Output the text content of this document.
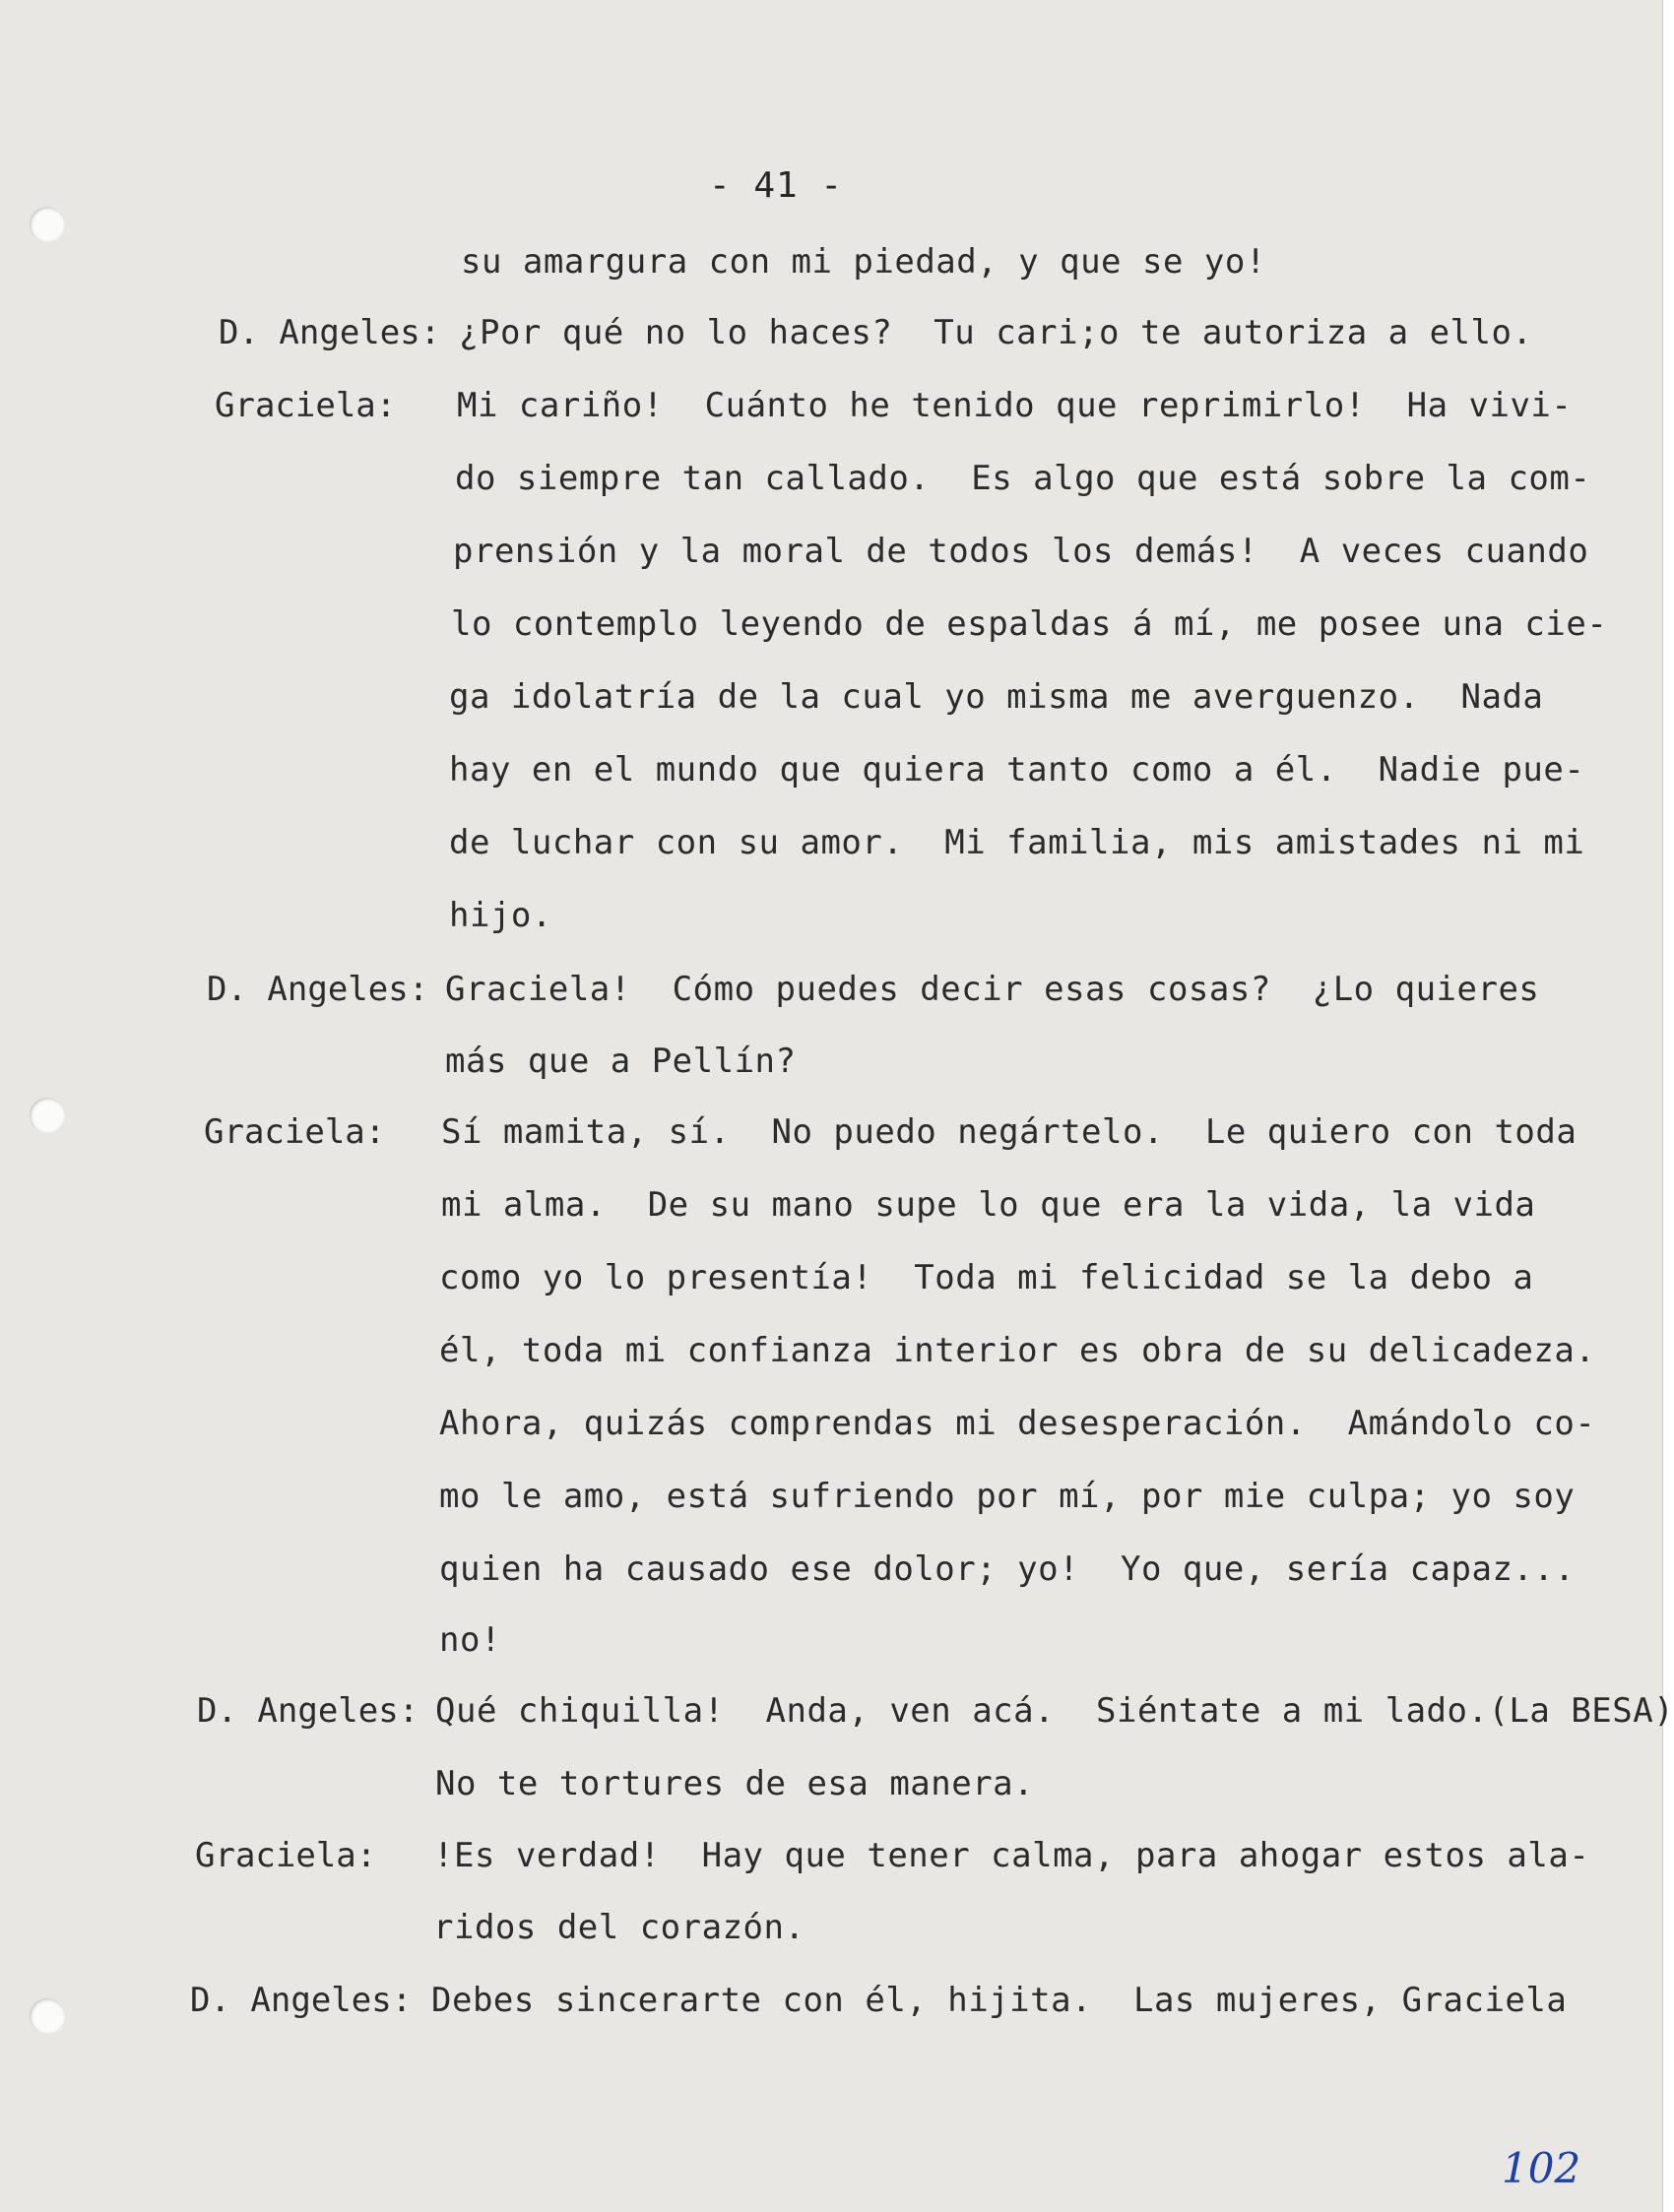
- 41 -
D. Angeles:
Graciela:
D. Angeles:
Graciela:
D. Angeles:
Graciela:
D. Angeles:
su amargura con mi piedad, y que se yo!
¿Por qué no lo haces?  Tu cari;o te autoriza a ello.
Mi cariño!  Cuánto he tenido que reprimirlo!  Ha vivi-
do siempre tan callado.  Es algo que está sobre la com-
prensión y la moral de todos los demás!  A veces cuando
lo contemplo leyendo de espaldas á mí, me posee una cie-
ga idolatría de la cual yo misma me averguenzo.  Nada
hay en el mundo que quiera tanto como a él.  Nadie pue-
de luchar con su amor.  Mi familia, mis amistades ni mi
hijo.
Graciela!  Cómo puedes decir esas cosas?  ¿Lo quieres
más que a Pellín?
Sí mamita, sí.  No puedo negártelo.  Le quiero con toda
mi alma.  De su mano supe lo que era la vida, la vida
como yo lo presentía!  Toda mi felicidad se la debo a
él, toda mi confianza interior es obra de su delicadeza.
Ahora, quizás comprendas mi desesperación.  Amándolo co-
mo le amo, está sufriendo por mí, por mie culpa; yo soy
quien ha causado ese dolor; yo!  Yo que, sería capaz...
no!
Qué chiquilla!  Anda, ven acá.  Siéntate a mi lado.(La BESA)
No te tortures de esa manera.
!Es verdad!  Hay que tener calma, para ahogar estos ala-
ridos del corazón.
Debes sincerarte con él, hijita.  Las mujeres, Graciela
102
